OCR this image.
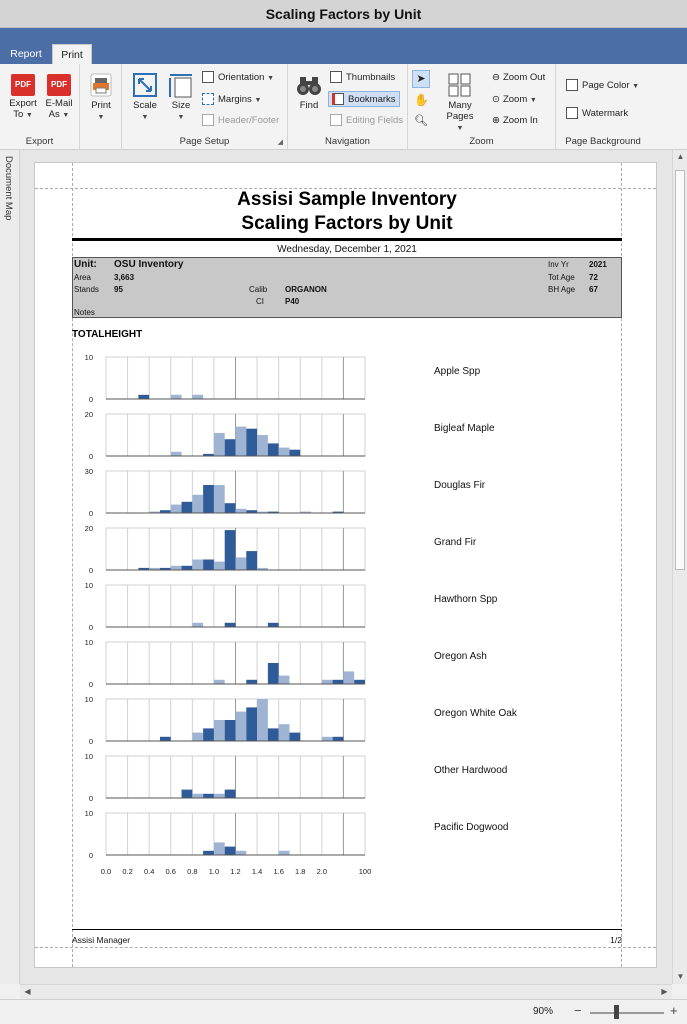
Scaling Factors by Unit
Report	Print
PDF
Export
To ▼
PDF
E-Mail
As ▼
Export
Print
▼
Scale
▼
Size
▼
Orientation ▼
Margins ▼
Header/Footer
Page Setup	◢
Find
Thumbnails
Bookmarks
Editing Fields
Navigation
➤
✋
🔍︎
Many Pages
▼
⊖ Zoom Out
⊙ Zoom ▼
⊕ Zoom In
Zoom
Page Color ▼
Watermark
Page Background
Document Map	Assisi Sample Inventory
Scaling Factors by Unit
Wednesday, December 1, 2021
Unit: OSU Inventory
Area	3,663
Stands 95	Calib ORGANON
CI	P40
Notes
Inv Yr	2021
Tot Age 72
BH Age 67
TOTALHEIGHT
10
0
Apple Spp
20
0
Bigleaf Maple
30
0
Douglas Fir
20
0
Grand Fir
10
0
Hawthorn Spp
10
0
Oregon Ash
10
0
Oregon White Oak
10
0
Other Hardwood
10
0
Pacific Dogwood
0.0 0.2 0.4 0.6 0.8 1.0 1.2 1.4 1.6 1.8 2.0	100
Assisi Manager	1/2
▲
▼
◀	▶
90% −	+
